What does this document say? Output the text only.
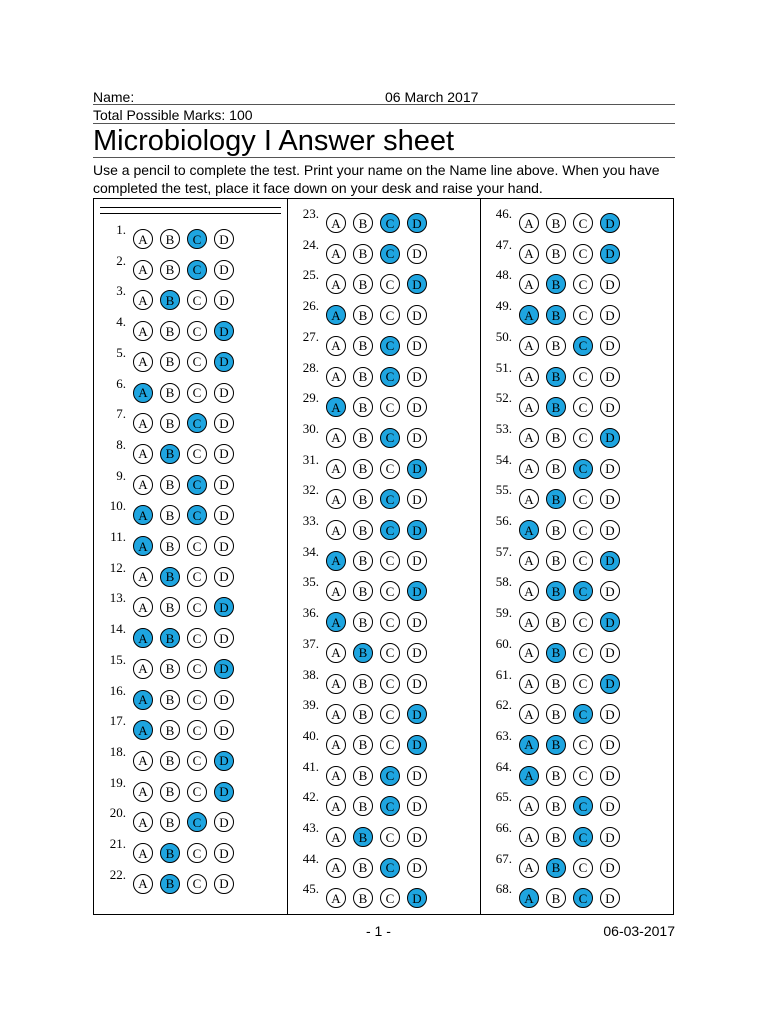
Name:	06 March 2017
Total Possible Marks: 100
Microbiology I Answer sheet
Use a pencil to complete the test. Print your name on the Name line above. When you have completed the test, place it face down on your desk and raise your hand.
1.
A	B	C	D
2.
A	B	C	D
3.
A	B	C	D
4.
A	B	C	D
5.
A	B	C	D
6.
A	B	C	D
7.
A	B	C	D
8.
A	B	C	D
9.
A	B	C	D
10.
A	B	C	D
11.
A	B	C	D
12.
A	B	C	D
13.
A	B	C	D
14.
A	B	C	D
15.
A	B	C	D
16.
A	B	C	D
17.
A	B	C	D
18.
A	B	C	D
19.
A	B	C	D
20.
A	B	C	D
21.
A	B	C	D
22.
A	B	C	D
23.
A	B	C	D
24.
A	B	C	D
25.
A	B	C	D
26.
A	B	C	D
27.
A	B	C	D
28.
A	B	C	D
29.
A	B	C	D
30.
A	B	C	D
31.
A	B	C	D
32.
A	B	C	D
33.
A	B	C	D
34.
A	B	C	D
35.
A	B	C	D
36.
A	B	C	D
37.
A	B	C	D
38.
A	B	C	D
39.
A	B	C	D
40.
A	B	C	D
41.
A	B	C	D
42.
A	B	C	D
43.
A	B	C	D
44.
A	B	C	D
45.
A	B	C	D
46.
A	B	C	D
47.
A	B	C	D
48.
A	B	C	D
49.
A	B	C	D
50.
A	B	C	D
51.
A	B	C	D
52.
A	B	C	D
53.
A	B	C	D
54.
A	B	C	D
55.
A	B	C	D
56.
A	B	C	D
57.
A	B	C	D
58.
A	B	C	D
59.
A	B	C	D
60.
A	B	C	D
61.
A	B	C	D
62.
A	B	C	D
63.
A	B	C	D
64.
A	B	C	D
65.
A	B	C	D
66.
A	B	C	D
67.
A	B	C	D
68.
A	B	C	D
- 1 -	06-03-2017
